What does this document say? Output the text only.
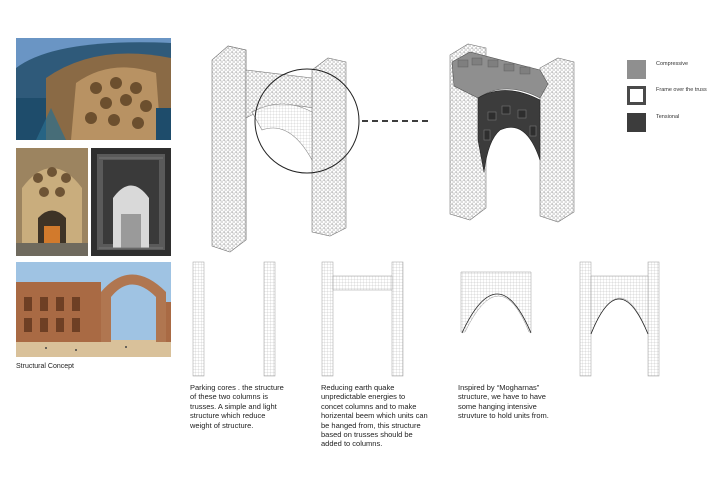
Compressive
Frame over the truss
Tensional
Structural Concept
Parking cores . the structure of these two columns is trusses. A simple and light structure which reduce weight of structure.
Reducing earth quake unpredictable energies to concet columns and to make horizental beem which units can be hanged from, this structure based on trusses should be added to columns.
Inspired by “Mogharnas” structure, we have to have some hanging intensive struvture to hold units from.
